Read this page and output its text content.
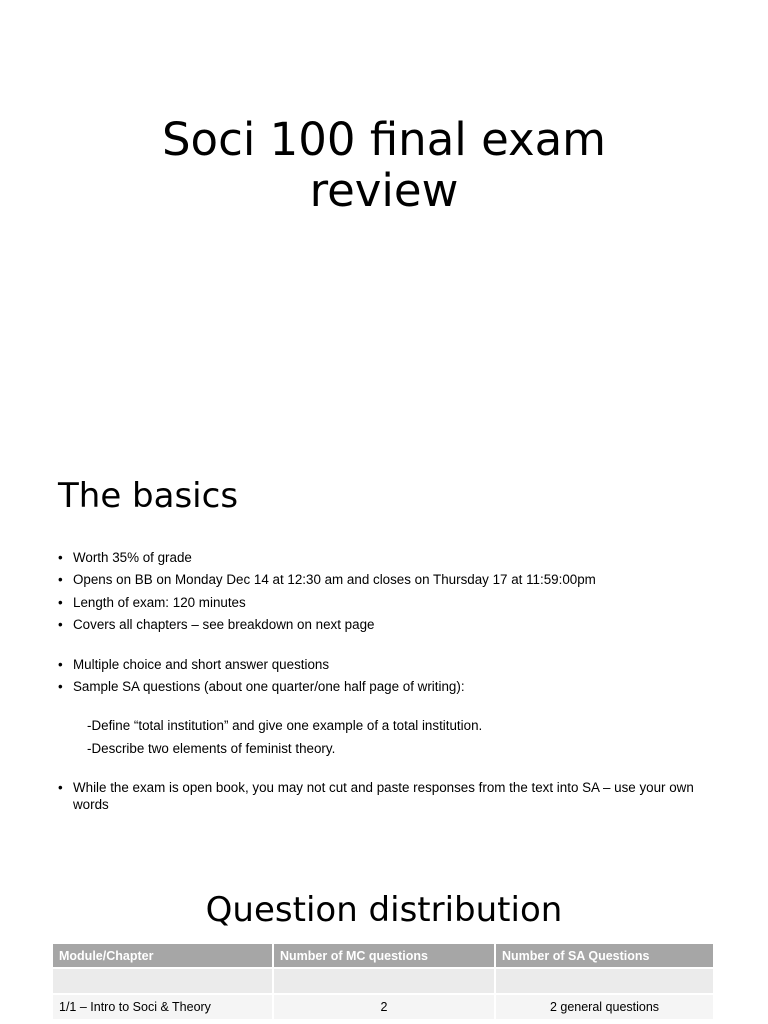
Soci 100 final exam review
The basics
• Worth 35% of grade
• Opens on BB on Monday Dec 14 at 12:30 am and closes on Thursday 17 at 11:59:00pm
• Length of exam: 120 minutes
• Covers all chapters – see breakdown on next page
• Multiple choice and short answer questions
• Sample SA questions (about one quarter/one half page of writing):
-Define “total institution” and give one example of a total institution.
-Describe two elements of feminist theory.
• While the exam is open book, you may not cut and paste responses from the text into SA – use your own words
Question distribution
Module/Chapter	Number of MC questions	Number of SA Questions

1/1 – Intro to Soci & Theory	2	2 general questions
